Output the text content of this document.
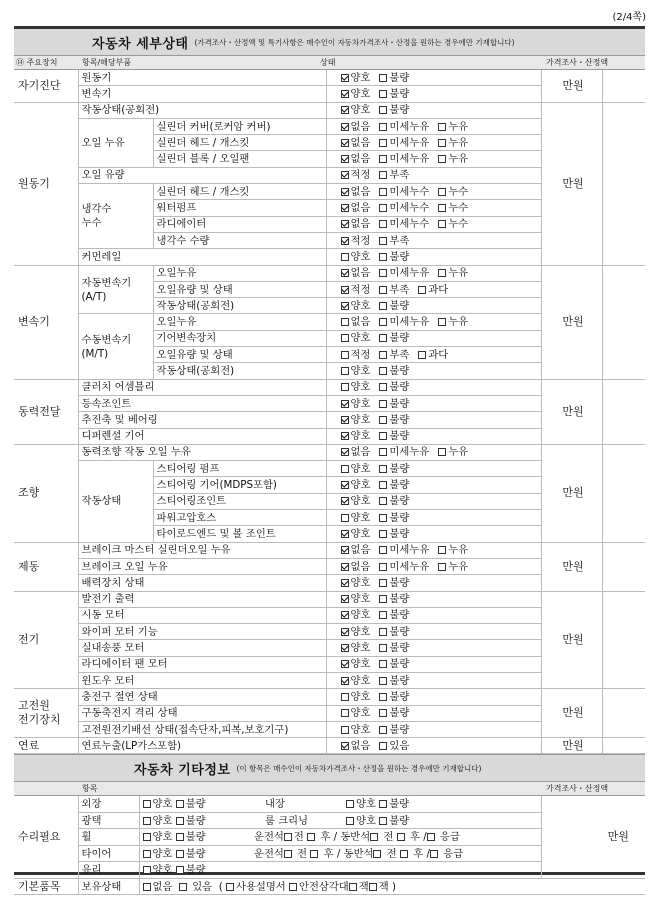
(2/4쪽)
자동차 세부상태 (가격조사・산정액 및 특기사항은 매수인이 자동차가격조사・산정을 원하는 경우에만 기재합니다)
⑭ 주요장치	항목/해당부품	상태	가격조사・산정액
자기진단	원동기		양호 불량	만원	
	변속기		양호 불량		
원동기	작동상태(공회전)		양호 불량	만원	
	오일 누유	실린더 커버(로커암 커버)	없음 미세누유 누유		
		실린더 헤드 / 개스킷	없음 미세누유 누유		
		실린더 블록 / 오일팬	없음 미세누유 누유		
	오일 유량		적정 부족		
	냉각수
누수	실린더 헤드 / 개스킷	없음 미세누수 누수		
		워터펌프	없음 미세누수 누수		
		라디에이터	없음 미세누수 누수		
		냉각수 수량	적정 부족		
	커먼레일		양호 불량		
변속기	자동변속기
(A/T)	오일누유	없음 미세누유 누유	만원	
		오일유량 및 상태	적정 부족 과다		
		작동상태(공회전)	양호 불량		
	수동변속기
(M/T)	오일누유	없음 미세누유 누유		
		기어변속장치	양호 불량		
		오일유량 및 상태	적정 부족 과다		
		작동상태(공회전)	양호 불량		
동력전달	클러치 어셈블리		양호 불량	만원	
	등속조인트		양호 불량		
	추진축 및 베어링		양호 불량		
	디퍼렌셜 기어		양호 불량		
조향	동력조향 작동 오일 누유		없음 미세누유 누유	만원	
	작동상태	스티어링 펌프	양호 불량		
		스티어링 기어(MDPS포함)	양호 불량		
		스티어링조인트	양호 불량		
		파워고압호스	양호 불량		
		타이로드엔드 및 볼 조인트	양호 불량		
제동	브레이크 마스터 실린더오일 누유		없음 미세누유 누유	만원	
	브레이크 오일 누유		없음 미세누유 누유		
	배력장치 상태		양호 불량		
전기	발전기 출력		양호 불량	만원	
	시동 모터		양호 불량		
	와이퍼 모터 기능		양호 불량		
	실내송풍 모터		양호 불량		
	라디에이터 팬 모터		양호 불량		
	윈도우 모터		양호 불량		
고전원
전기장치	충전구 절연 상태		양호 불량	만원	
	구동축전지 격리 상태		양호 불량		
	고전원전기배선 상태(접속단자,피복,보호기구)		양호 불량		
연료	연료누출(LP가스포함)		없음 있음	만원	
자동차 기타정보 (이 항목은 매수인이 자동차가격조사・산정을 원하는 경우에만 기재합니다)
항목	가격조사・산정액
수리필요	외장	양호 불량	내장	양호 불량	만원
	광택	양호 불량	룸 크리닝	양호 불량	
	휠	양호 불량	운전석 전 후 / 동반석 전 후 / 응급		
	타이어	양호 불량	운전석 전 후 / 동반석 전 후 / 응급		
	유리	양호 불량			
기본품목	보유상태	없음 있음 ( 사용설명서 안전삼각대 잭 잭 )			
